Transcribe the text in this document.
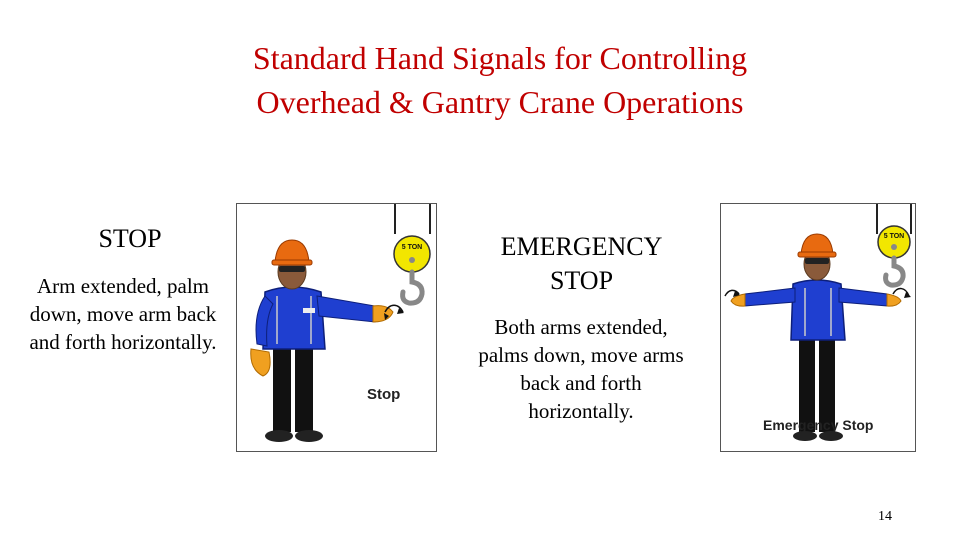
Standard Hand Signals for Controlling
Overhead & Gantry Crane Operations
STOP
Arm extended, palm down, move arm back and forth horizontally.
5 TON
Stop
EMERGENCY STOP
Both arms extended, palms down, move arms back and forth horizontally.
5 TON
Emergency Stop
14
